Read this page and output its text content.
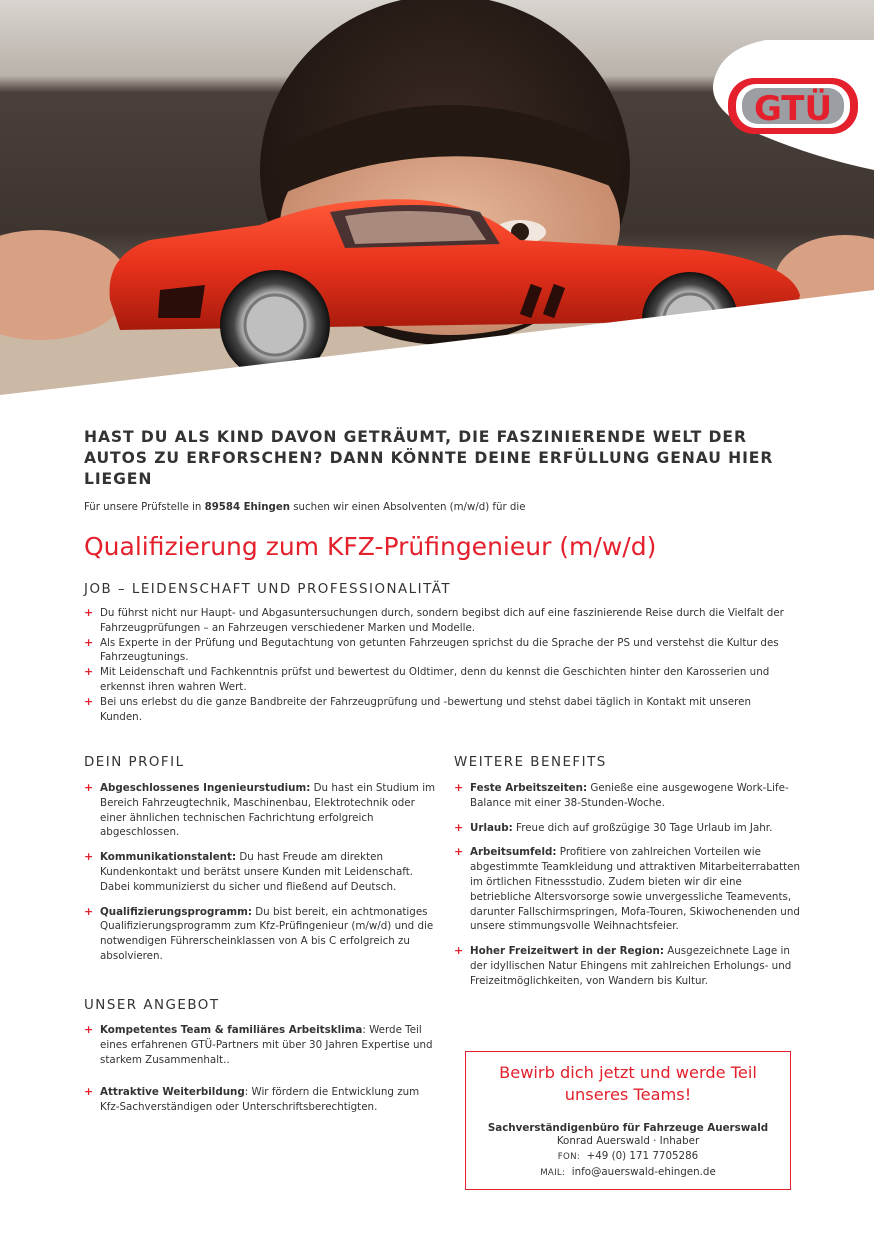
GTÜ
HAST DU ALS KIND DAVON GETRÄUMT, DIE FASZINIERENDE WELT DER AUTOS ZU ERFORSCHEN? DANN KÖNNTE DEINE ERFÜLLUNG GENAU HIER LIEGEN

Für unsere Prüfstelle in 89584 Ehingen suchen wir einen Absolventen (m/w/d) für die

Qualifizierung zum KFZ-Prüfingenieur (m/w/d)
JOB – LEIDENSCHAFT UND PROFESSIONALITÄT
+ Du führst nicht nur Haupt- und Abgasuntersuchungen durch, sondern begibst dich auf eine faszinierende Reise durch die Vielfalt der Fahrzeugprüfungen – an Fahrzeugen verschiedener Marken und Modelle.
+ Als Experte in der Prüfung und Begutachtung von getunten Fahrzeugen sprichst du die Sprache der PS und verstehst die Kultur des Fahrzeugtunings.
+ Mit Leidenschaft und Fachkenntnis prüfst und bewertest du Oldtimer, denn du kennst die Geschichten hinter den Karosserien und erkennst ihren wahren Wert.
+ Bei uns erlebst du die ganze Bandbreite der Fahrzeugprüfung und -bewertung und stehst dabei täglich in Kontakt mit unseren Kunden.
DEIN PROFIL
+ Abgeschlossenes Ingenieurstudium: Du hast ein Studium im Bereich Fahrzeugtechnik, Maschinenbau, Elektrotechnik oder einer ähnlichen technischen Fachrichtung erfolgreich abgeschlossen.
+ Kommunikationstalent: Du hast Freude am direkten Kundenkontakt und berätst unsere Kunden mit Leidenschaft. Dabei kommunizierst du sicher und fließend auf Deutsch.
+ Qualifizierungsprogramm: Du bist bereit, ein achtmonatiges Qualifizierungsprogramm zum Kfz-Prüfingenieur (m/w/d) und die notwendigen Führerscheinklassen von A bis C erfolgreich zu absolvieren.
UNSER ANGEBOT
+ Kompetentes Team & familiäres Arbeitsklima: Werde Teil eines erfahrenen GTÜ-Partners mit über 30 Jahren Expertise und starkem Zusammenhalt..
+ Attraktive Weiterbildung: Wir fördern die Entwicklung zum Kfz-Sachverständigen oder Unterschriftsberechtigten.
WEITERE BENEFITS
+ Feste Arbeitszeiten: Genieße eine ausgewogene Work-Life-Balance mit einer 38-Stunden-Woche.
+ Urlaub: Freue dich auf großzügige 30 Tage Urlaub im Jahr.
+ Arbeitsumfeld: Profitiere von zahlreichen Vorteilen wie abgestimmte Teamkleidung und attraktiven Mitarbeiterrabatten im örtlichen Fitnessstudio. Zudem bieten wir dir eine betriebliche Altersvorsorge sowie unvergessliche Teamevents, darunter Fallschirmspringen, Mofa-Touren, Skiwochenenden und unsere stimmungsvolle Weihnachtsfeier.
+ Hoher Freizeitwert in der Region: Ausgezeichnete Lage in der idyllischen Natur Ehingens mit zahlreichen Erholungs- und Freizeitmöglichkeiten, von Wandern bis Kultur.

Bewirb dich jetzt und werde Teil unseres Teams!

Sachverständigenbüro für Fahrzeuge Auerswald
Konrad Auerswald · Inhaber
FON: +49 (0) 171 7705286
MAIL: info@auerswald-ehingen.de
